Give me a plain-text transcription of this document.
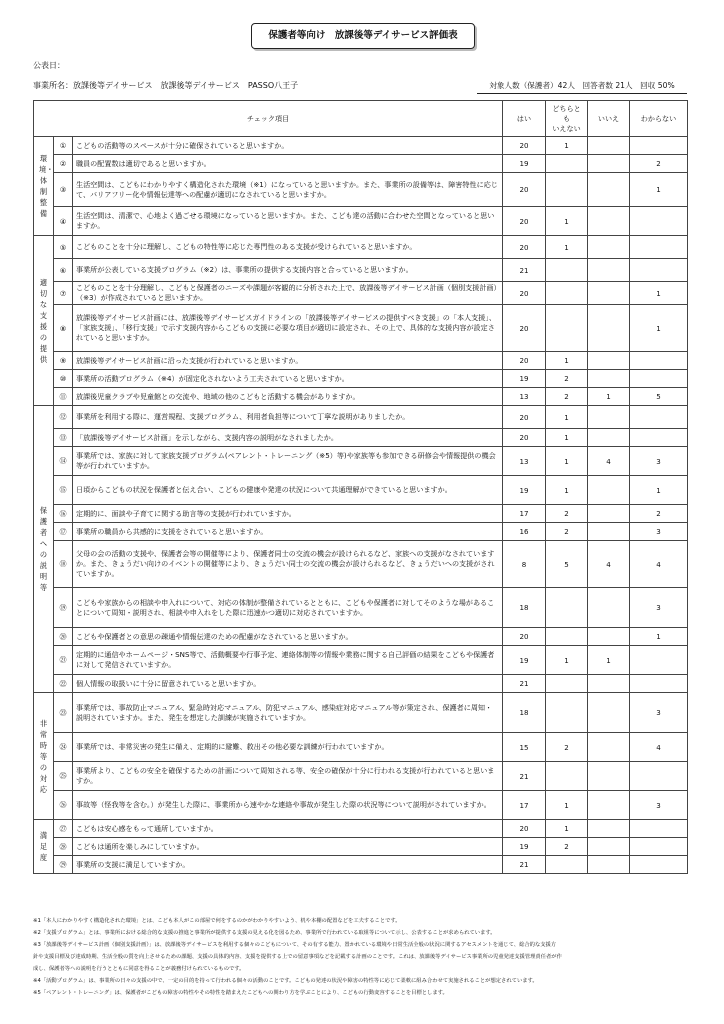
保護者等向け　放課後等デイサービス評価表
公表日：
事業所名：放課後等デイサービス　放課後等デイサービス　PASSO八王子	対象人数（保護者）42人　回答者数 21人　回収 50%
チェック項目			はい	どちらとも
いえない	いいえ	わからない
環境・体制整備	①	こどもの活動等のスペースが十分に確保されていると思いますか。	20	1		
	②	職員の配置数は適切であると思いますか。	19			2
	③	生活空間は、こどもにわかりやすく構造化された環境（※1）になっていると思いますか。また、事業所の設備等は、障害特性に応じて、バリアフリー化や情報伝達等への配慮が適切になされていると思いますか。	20			1
	④	生活空間は、清潔で、心地よく過ごせる環境になっていると思いますか。また、こども達の活動に合わせた空間となっていると思いますか。	20	1		
適切な支援の提供	⑤	こどものことを十分に理解し、こどもの特性等に応じた専門性のある支援が受けられていると思いますか。	20	1		
	⑥	事業所が公表している支援プログラム（※2）は、事業所の提供する支援内容と合っていると思いますか。	21			
	⑦	こどものことを十分理解し、こどもと保護者のニーズや課題が客観的に分析された上で、放課後等デイサービス計画（個別支援計画）（※3）が作成されていると思いますか。	20			1
	⑧	放課後等デイサービス計画には、放課後等デイサービスガイドラインの「放課後等デイサービスの提供すべき支援」の「本人支援」、「家族支援」、「移行支援」で示す支援内容からこどもの支援に必要な項目が適切に設定され、その上で、具体的な支援内容が設定されていると思いますか。	20			1
	⑨	放課後等デイサービス計画に沿った支援が行われていると思いますか。	20	1		
	⑩	事業所の活動プログラム（※4）が固定化されないよう工夫されていると思いますか。	19	2		
	⑪	放課後児童クラブや児童館との交流や、地域の他のこどもと活動する機会がありますか。	13	2	1	5
保護者への説明等	⑫	事業所を利用する際に、運営規程、支援プログラム、利用者負担等について丁寧な説明がありましたか。	20	1		
	⑬	「放課後等デイサービス計画」を示しながら、支援内容の説明がなされましたか。	20	1		
	⑭	事業所では、家族に対して家族支援プログラム(ペアレント・トレーニング（※5）等)や家族等も参加できる研修会や情報提供の機会等が行われていますか。	13	1	4	3
	⑮	日頃からこどもの状況を保護者と伝え合い、こどもの健康や発達の状況について共通理解ができていると思いますか。	19	1		1
	⑯	定期的に、面談や子育てに関する助言等の支援が行われていますか。	17	2		2
	⑰	事業所の職員から共感的に支援をされていると思いますか。	16	2		3
	⑱	父母の会の活動の支援や、保護者会等の開催等により、保護者同士の交流の機会が設けられるなど、家族への支援がなされていますか。また、きょうだい向けのイベントの開催等により、きょうだい同士の交流の機会が設けられるなど、きょうだいへの支援がされていますか。	8	5	4	4
	⑲	こどもや家族からの相談や申入れについて、対応の体制が整備されているとともに、こどもや保護者に対してそのような場があることについて周知・説明され、相談や申入れをした際に迅速かつ適切に対応されていますか。	18			3
	⑳	こどもや保護者との意思の疎通や情報伝達のための配慮がなされていると思いますか。	20			1
	㉑	定期的に通信やホームページ・SNS等で、活動概要や行事予定、連絡体制等の情報や業務に関する自己評価の結果をこどもや保護者に対して発信されていますか。	19	1	1	
	㉒	個人情報の取扱いに十分に留意されていると思いますか。	21			
非常時等の対応	㉓	事業所では、事故防止マニュアル、緊急時対応マニュアル、防犯マニュアル、感染症対応マニュアル等が策定され、保護者に周知・説明されていますか。また、発生を想定した訓練が実施されていますか。	18			3
	㉔	事業所では、非常災害の発生に備え、定期的に避難、救出その他必要な訓練が行われていますか。	15	2		4
	㉕	事業所より、こどもの安全を確保するための計画について周知される等、安全の確保が十分に行われる支援が行われていると思いますか。	21			
	㉖	事故等（怪我等を含む。）が発生した際に、事業所から速やかな連絡や事故が発生した際の状況等について説明がされていますか。	17	1		3
満足度	㉗	こどもは安心感をもって通所していますか。	20	1		
	㉘	こどもは通所を楽しみにしていますか。	19	2		
	㉙	事業所の支援に満足していますか。	21			
※1「本人にわかりやすく構造化された環境」とは、こども本人がこの部屋で何をするのかがわかりやすいよう、机や本棚の配置などを工夫することです。
※2「支援プログラム」とは、事業所における総合的な支援の推進と事業所が提供する支援の見える化を図るため、事業所で行われている取組等について示し、公表することが求められています。
※3「放課後等デイサービス計画（個別支援計画）」は、放課後等デイサービスを利用する個々のこどもについて、その有する能力、置かれている環境や日常生活全般の状況に関するアセスメントを通じて、総合的な支援方
針や支援目標及び達成時期、生活全般の質を向上させるための課題、支援の具体的内容、支援を提供する上での留意事項などを記載する計画のことです。これは、放課後等デイサービス事業所の児童発達支援管理責任者が作
成し、保護者等への説明を行うとともに同意を得ることが義務付けられているものです。
※4「活動プログラム」は、事業所の日々の支援の中で、一定の目的を持って行われる個々の活動のことです。こどもの発達の状況や障害の特性等に応じて柔軟に組み合わせて実施されることが想定されています。
※5「ペアレント・トレーニング」は、保護者がこどもの障害の特性やその特性を踏まえたこどもへの関わり方を学ぶことにより、こどもの行動変容することを目標とします。
